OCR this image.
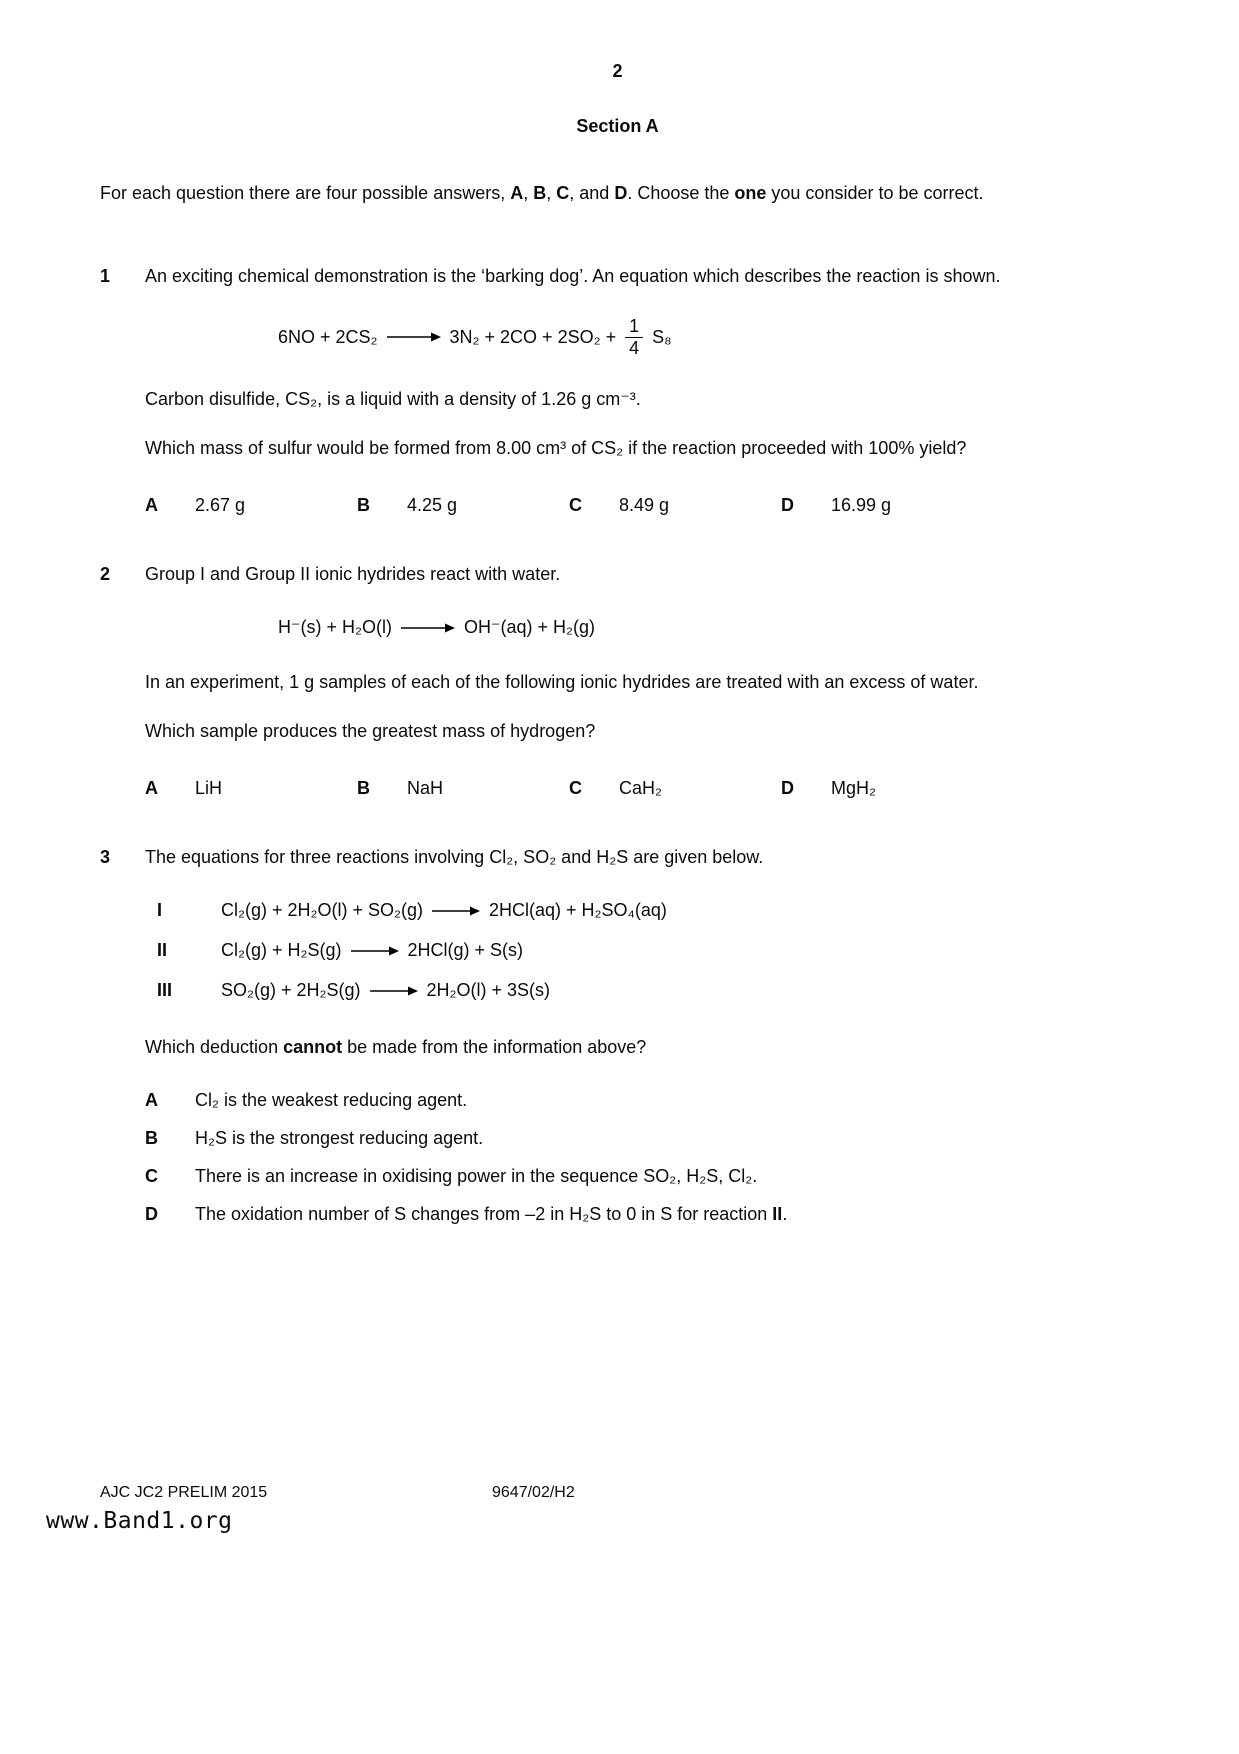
2
Section A

For each question there are four possible answers, A, B, C, and D. Choose the one you consider to be correct.

1	An exciting chemical demonstration is the ‘barking dog’. An equation which describes the reaction is shown.

$6NO + 2CS_2 \to 3N_2 + 2CO + 2SO_2 + \frac{1}{4} S_8$

Carbon disulfide, CS₂, is a liquid with a density of 1.26 g cm⁻³.

Which mass of sulfur would be formed from 8.00 cm³ of CS₂ if the reaction proceeded with 100% yield?

A	2.67 g	B	4.25 g	C	8.49 g	D	16.99 g
2	Group I and Group II ionic hydrides react with water.

H⁻(s) + H₂O(l) → OH⁻(aq) + H₂(g)

In an experiment, 1 g samples of each of the following ionic hydrides are treated with an excess of water.

Which sample produces the greatest mass of hydrogen?

A	LiH	B	NaH	C	CaH₂	D	MgH₂
3	The equations for three reactions involving Cl₂, SO₂ and H₂S are given below.

I	Cl₂(g) + 2H₂O(l) + SO₂(g) → 2HCl(aq) + H₂SO₄(aq)
II	Cl₂(g) + H₂S(g) → 2HCl(g) + S(s)
III	SO₂(g) + 2H₂S(g) → 2H₂O(l) + 3S(s)

Which deduction cannot be made from the information above?

A	Cl₂ is the weakest reducing agent.
B	H₂S is the strongest reducing agent.
C	There is an increase in oxidising power in the sequence SO₂, H₂S, Cl₂.
D	The oxidation number of S changes from –2 in H₂S to 0 in S for reaction II.
AJC JC2 PRELIM 2015	9647/02/H2
www.Band1.org
